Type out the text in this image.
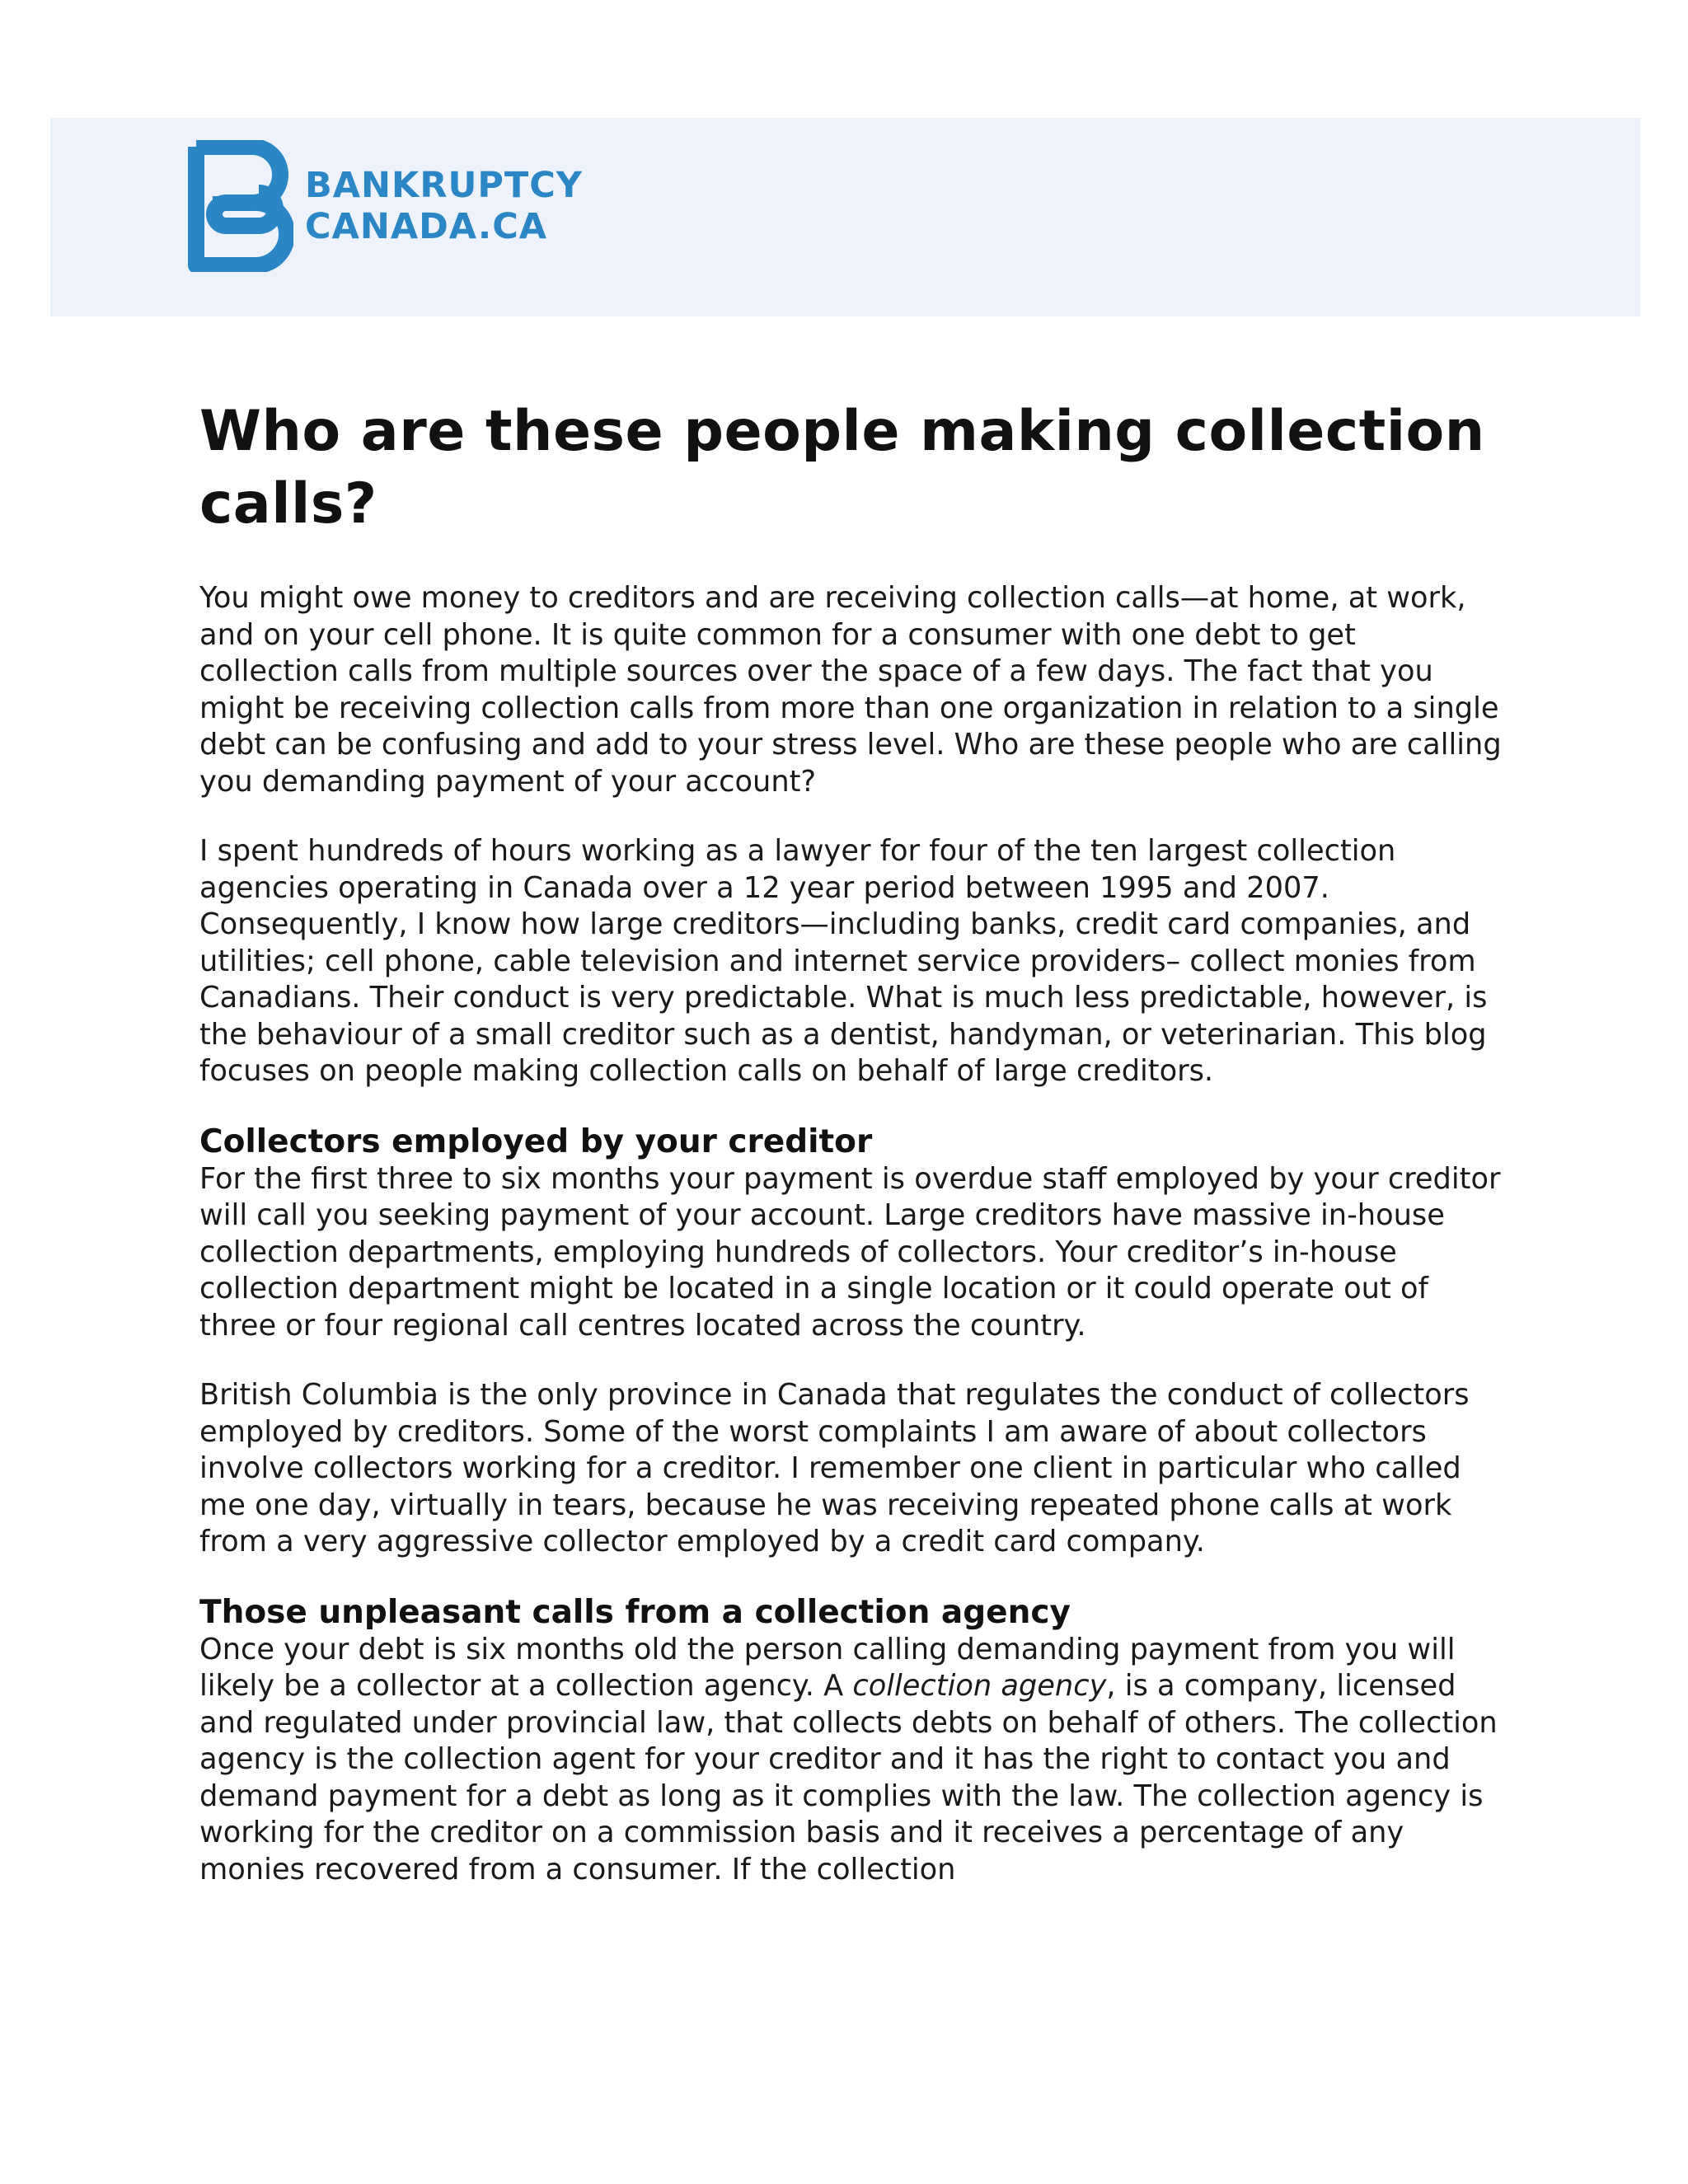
BANKRUPTCY
CANADA.CA
Who are these people making collection calls?

You might owe money to creditors and are receiving collection calls—at home, at work, and on your cell phone. It is quite common for a consumer with one debt to get collection calls from multiple sources over the space of a few days. The fact that you might be receiving collection calls from more than one organization in relation to a single debt can be confusing and add to your stress level. Who are these people who are calling you demanding payment of your account?

I spent hundreds of hours working as a lawyer for four of the ten largest collection agencies operating in Canada over a 12 year period between 1995 and 2007. Consequently, I know how large creditors—including banks, credit card companies, and utilities; cell phone, cable television and internet service providers– collect monies from Canadians. Their conduct is very predictable. What is much less predictable, however, is the behaviour of a small creditor such as a dentist, handyman, or veterinarian. This blog focuses on people making collection calls on behalf of large creditors.

Collectors employed by your creditor

For the first three to six months your payment is overdue staff employed by your creditor will call you seeking payment of your account. Large creditors have massive in-house collection departments, employing hundreds of collectors. Your creditor’s in-house collection department might be located in a single location or it could operate out of three or four regional call centres located across the country.

British Columbia is the only province in Canada that regulates the conduct of collectors employed by creditors. Some of the worst complaints I am aware of about collectors involve collectors working for a creditor. I remember one client in particular who called me one day, virtually in tears, because he was receiving repeated phone calls at work from a very aggressive collector employed by a credit card company.

Those unpleasant calls from a collection agency

Once your debt is six months old the person calling demanding payment from you will likely be a collector at a collection agency. A collection agency, is a company, licensed and regulated under provincial law, that collects debts on behalf of others. The collection agency is the collection agent for your creditor and it has the right to contact you and demand payment for a debt as long as it complies with the law. The collection agency is working for the creditor on a commission basis and it receives a percentage of any monies recovered from a consumer. If the collection
